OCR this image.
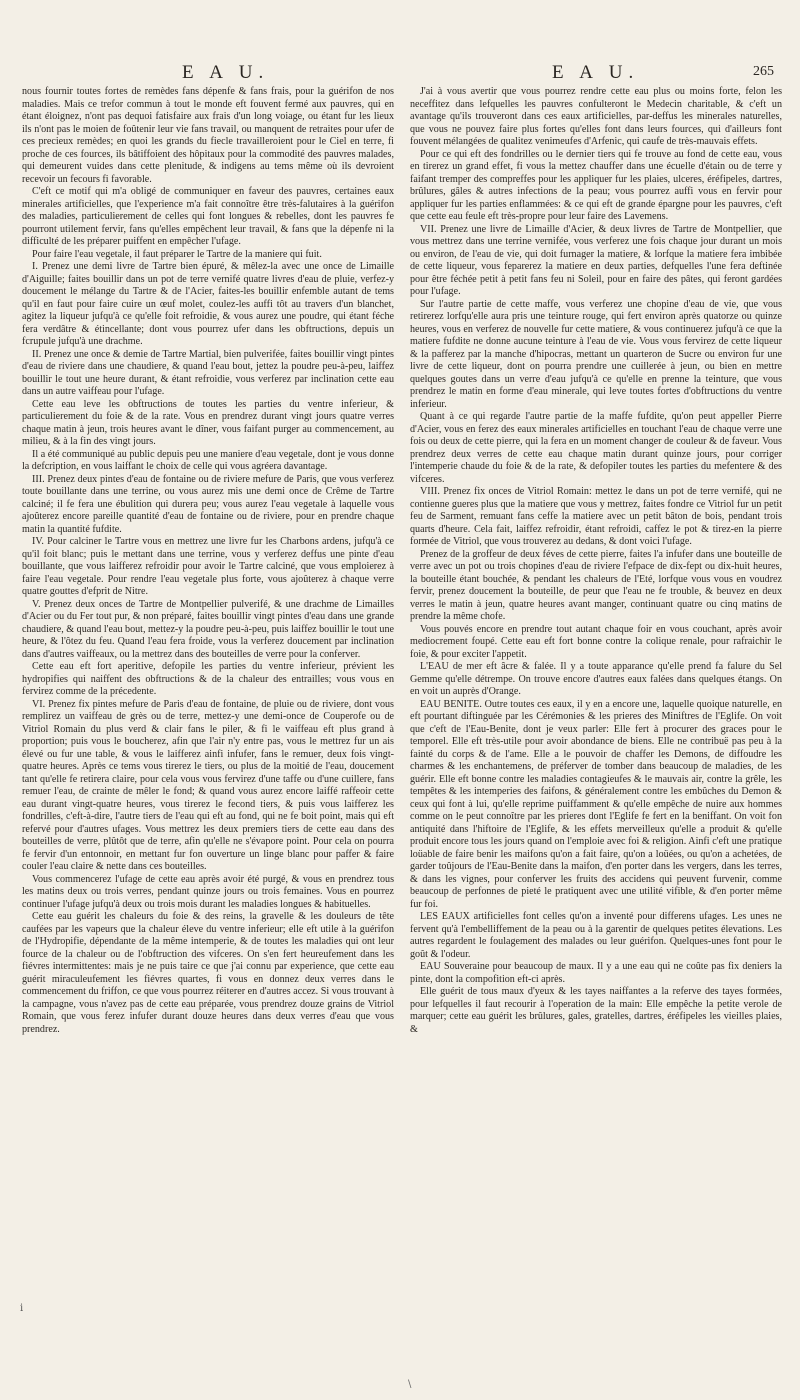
E A U.	E A U.	265

nous fournir toutes fortes de remèdes fans dépenfe & fans frais, pour la guérifon de nos maladies. Mais ce trefor commun à tout le monde eft fouvent fermé aux pauvres, qui en étant éloignez, n'ont pas dequoi fatisfaire aux frais d'un long voiage, ou étant fur les lieux ils n'ont pas le moien de foûtenir leur vie fans travail, ou manquent de retraites pour ufer de ces precieux remèdes; en quoi les grands du fiecle travailleroient pour le Ciel en terre, fi proche de ces fources, ils bâtiffoient des hôpitaux pour la commodité des pauvres malades, qui demeurent vuides dans cette plenitude, & indigens au tems même où ils devroient recevoir un fecours fi favorable.

C'eft ce motif qui m'a obligé de communiquer en faveur des pauvres, certaines eaux minerales artificielles, que l'experience m'a fait connoître être très-falutaires à la guérifon des maladies, particulierement de celles qui font longues & rebelles, dont les pauvres fe pourront utilement fervir, fans qu'elles empêchent leur travail, & fans que la dépenfe ni la difficulté de les préparer puiffent en empêcher l'ufage.

Pour faire l'eau vegetale, il faut préparer le Tartre de la maniere qui fuit.

I. Prenez une demi livre de Tartre bien épuré, & mêlez-la avec une once de Limaille d'Aiguille; faites bouillir dans un pot de terre vernifé quatre livres d'eau de pluie, verfez-y doucement le mélange du Tartre & de l'Acier, faites-les bouillir enfemble autant de tems qu'il en faut pour faire cuire un œuf molet, coulez-les auffi tôt au travers d'un blanchet, agitez la liqueur jufqu'à ce qu'elle foit refroidie, & vous aurez une poudre, qui étant féche fera verdâtre & étincellante; dont vous pourrez ufer dans les obftructions, depuis un fcrupule jufqu'à une drachme.

II. Prenez une once & demie de Tartre Martial, bien pulverifée, faites bouillir vingt pintes d'eau de riviere dans une chaudiere, & quand l'eau bout, jettez la poudre peu-à-peu, laiffez bouillir le tout une heure durant, & étant refroidie, vous verferez par inclination cette eau dans un autre vaiffeau pour l'ufage.

Cette eau leve les obftructions de toutes les parties du ventre inferieur, & particulierement du foie & de la rate. Vous en prendrez durant vingt jours quatre verres chaque matin à jeun, trois heures avant le dîner, vous faifant purger au commencement, au milieu, & à la fin des vingt jours.

Il a été communiqué au public depuis peu une maniere d'eau vegetale, dont je vous donne la defcription, en vous laiffant le choix de celle qui vous agréera davantage.

III. Prenez deux pintes d'eau de fontaine ou de riviere mefure de Paris, que vous verferez toute bouillante dans une terrine, ou vous aurez mis une demi once de Crême de Tartre calciné; il fe fera une ébulition qui durera peu; vous aurez l'eau vegetale à laquelle vous ajoûterez encore pareille quantité d'eau de fontaine ou de riviere, pour en prendre chaque matin la quantité fufdite.

IV. Pour calciner le Tartre vous en mettrez une livre fur les Charbons ardens, jufqu'à ce qu'il foit blanc; puis le mettant dans une terrine, vous y verferez deffus une pinte d'eau bouillante, que vous laifferez refroidir pour avoir le Tartre calciné, que vous emploierez à faire l'eau vegetale. Pour rendre l'eau vegetale plus forte, vous ajoûterez à chaque verre quatre gouttes d'efprit de Nitre.

V. Prenez deux onces de Tartre de Montpellier pulverifé, & une drachme de Limailles d'Acier ou du Fer tout pur, & non préparé, faites bouillir vingt pintes d'eau dans une grande chaudiere, & quand l'eau bout, mettez-y la poudre peu-à-peu, puis laiffez bouillir le tout une heure, & l'ôtez du feu. Quand l'eau fera froide, vous la verferez doucement par inclination dans d'autres vaiffeaux, ou la mettrez dans des bouteilles de verre pour la conferver.

Cette eau eft fort aperitive, defopile les parties du ventre inferieur, prévient les hydropifies qui naiffent des obftructions & de la chaleur des entrailles; vous vous en fervirez comme de la précedente.

VI. Prenez fix pintes mefure de Paris d'eau de fontaine, de pluie ou de riviere, dont vous remplirez un vaiffeau de grès ou de terre, mettez-y une demi-once de Couperofe ou de Vitriol Romain du plus verd & clair fans le piler, & fi le vaiffeau eft plus grand à proportion; puis vous le boucherez, afin que l'air n'y entre pas, vous le mettrez fur un ais élevé ou fur une table, & vous le laifferez ainfi infufer, fans le remuer, deux fois vingt-quatre heures. Après ce tems vous tirerez le tiers, ou plus de la moitié de l'eau, doucement tant qu'elle fe retirera claire, pour cela vous vous fervirez d'une taffe ou d'une cuillere, fans remuer l'eau, de crainte de mêler le fond; & quand vous aurez encore laiffé raffeoir cette eau durant vingt-quatre heures, vous tirerez le fecond tiers, & puis vous laifferez les fondrilles, c'eft-à-dire, l'autre tiers de l'eau qui eft au fond, qui ne fe boit point, mais qui eft refervé pour d'autres ufages. Vous mettrez les deux premiers tiers de cette eau dans des bouteilles de verre, plûtôt que de terre, afin qu'elle ne s'évapore point. Pour cela on pourra fe fervir d'un entonnoir, en mettant fur fon ouverture un linge blanc pour paffer & faire couler l'eau claire & nette dans ces bouteilles.

Vous commencerez l'ufage de cette eau après avoir été purgé, & vous en prendrez tous les matins deux ou trois verres, pendant quinze jours ou trois femaines. Vous en pourrez continuer l'ufage jufqu'à deux ou trois mois durant les maladies longues & habituelles.

Cette eau guérit les chaleurs du foie & des reins, la gravelle & les douleurs de tête caufées par les vapeurs que la chaleur éleve du ventre inferieur; elle eft utile à la guérifon de l'Hydropifie, dépendante de la même intemperie, & de toutes les maladies qui ont leur fource de la chaleur ou de l'obftruction des vifceres. On s'en fert heureufement dans les fiévres intermittentes: mais je ne puis taire ce que j'ai connu par experience, que cette eau guérit miraculeufement les fiévres quartes, fi vous en donnez deux verres dans le commencement du friffon, ce que vous pourrez réiterer en d'autres accez. Si vous trouvant à la campagne, vous n'avez pas de cette eau préparée, vous prendrez douze grains de Vitriol Romain, que vous ferez infufer durant douze heures dans deux verres d'eau que vous prendrez.

J'ai à vous avertir que vous pourrez rendre cette eau plus ou moins forte, felon les neceffitez dans lefquelles les pauvres confulteront le Medecin charitable, & c'eft un avantage qu'ils trouveront dans ces eaux artificielles, par-deffus les minerales naturelles, que vous ne pouvez faire plus fortes qu'elles font dans leurs fources, qui d'ailleurs font fouvent mélangées de qualitez venimeufes d'Arfenic, qui caufe de très-mauvais effets.

Pour ce qui eft des fondrilles ou le dernier tiers qui fe trouve au fond de cette eau, vous en tirerez un grand effet, fi vous la mettez chauffer dans une écuelle d'étain ou de terre y faifant tremper des compreffes pour les appliquer fur les plaies, ulceres, éréfipeles, dartres, brûlures, gâles & autres infections de la peau; vous pourrez auffi vous en fervir pour appliquer fur les parties enflammées: & ce qui eft de grande épargne pour les pauvres, c'eft que cette eau feule eft très-propre pour leur faire des Lavemens.

VII. Prenez une livre de Limaille d'Acier, & deux livres de Tartre de Montpellier, que vous mettrez dans une terrine vernifée, vous verferez une fois chaque jour durant un mois ou environ, de l'eau de vie, qui doit furnager la matiere, & lorfque la matiere fera imbibée de cette liqueur, vous feparerez la matiere en deux parties, defquelles l'une fera deftinée pour être féchée petit à petit fans feu ni Soleil, pour en faire des pâtes, qui feront gardées pour l'ufage.

Sur l'autre partie de cette maffe, vous verferez une chopine d'eau de vie, que vous retirerez lorfqu'elle aura pris une teinture rouge, qui fert environ après quatorze ou quinze heures, vous en verferez de nouvelle fur cette matiere, & vous continuerez jufqu'à ce que la matiere fufdite ne donne aucune teinture à l'eau de vie. Vous vous fervirez de cette liqueur & la pafferez par la manche d'hipocras, mettant un quarteron de Sucre ou environ fur une livre de cette liqueur, dont on pourra prendre une cuillerée à jeun, ou bien en mettre quelques goutes dans un verre d'eau jufqu'à ce qu'elle en prenne la teinture, que vous prendrez le matin en forme d'eau minerale, qui leve toutes fortes d'obftructions du ventre inferieur.

Quant à ce qui regarde l'autre partie de la maffe fufdite, qu'on peut appeller Pierre d'Acier, vous en ferez des eaux minerales artificielles en touchant l'eau de chaque verre une fois ou deux de cette pierre, qui la fera en un moment changer de couleur & de faveur. Vous prendrez deux verres de cette eau chaque matin durant quinze jours, pour corriger l'intemperie chaude du foie & de la rate, & defopiler toutes les parties du mefentere & des vifceres.

VIII. Prenez fix onces de Vitriol Romain: mettez le dans un pot de terre vernifé, qui ne contienne gueres plus que la matiere que vous y mettrez, faites fondre ce Vitriol fur un petit feu de Sarment, remuant fans ceffe la matiere avec un petit bâton de bois, pendant trois quarts d'heure. Cela fait, laiffez refroidir, étant refroidi, caffez le pot & tirez-en la pierre formée de Vitriol, que vous trouverez au dedans, & dont voici l'ufage.

Prenez de la groffeur de deux féves de cette pierre, faites l'a infufer dans une bouteille de verre avec un pot ou trois chopines d'eau de riviere l'efpace de dix-fept ou dix-huit heures, la bouteille étant bouchée, & pendant les chaleurs de l'Eté, lorfque vous vous en voudrez fervir, prenez doucement la bouteille, de peur que l'eau ne fe trouble, & beuvez en deux verres le matin à jeun, quatre heures avant manger, continuant quatre ou cinq matins de prendre la même chofe.

Vous pouvés encore en prendre tout autant chaque foir en vous couchant, après avoir mediocrement foupé. Cette eau eft fort bonne contre la colique renale, pour rafraichir le foie, & pour exciter l'appetit.

L'EAU de mer eft âcre & falée. Il y a toute apparance qu'elle prend fa falure du Sel Gemme qu'elle détrempe. On trouve encore d'autres eaux falées dans quelques étangs. On en voit un auprès d'Orange.

EAU BENITE. Outre toutes ces eaux, il y en a encore une, laquelle quoique naturelle, en eft pourtant diftinguée par les Cérémonies & les prieres des Miniftres de l'Eglife. On voit que c'eft de l'Eau-Benite, dont je veux parler: Elle fert à procurer des graces pour le temporel. Elle eft très-utile pour avoir abondance de biens. Elle ne contribuë pas peu à la fainté du corps & de l'ame. Elle a le pouvoir de chaffer les Demons, de diffoudre les charmes & les enchantemens, de préferver de tomber dans beaucoup de maladies, de les guérir. Elle eft bonne contre les maladies contagieufes & le mauvais air, contre la grêle, les tempêtes & les intemperies des faifons, & généralement contre les embûches du Demon & ceux qui font à lui, qu'elle reprime puiffamment & qu'elle empêche de nuire aux hommes comme on le peut connoître par les prieres dont l'Eglife fe fert en la beniffant. On voit fon antiquité dans l'hiftoire de l'Eglife, & les effets merveilleux qu'elle a produit & qu'elle produit encore tous les jours quand on l'emploie avec foi & religion. Ainfi c'eft une pratique loüable de faire benir les maifons qu'on a fait faire, qu'on a loüées, ou qu'on a achetées, de garder toûjours de l'Eau-Benite dans la maifon, d'en porter dans les vergers, dans les terres, & dans les vignes, pour conferver les fruits des accidens qui peuvent furvenir, comme beaucoup de perfonnes de pieté le pratiquent avec une utilité vifible, & d'en porter même fur foi.

LES EAUX artificielles font celles qu'on a inventé pour differens ufages. Les unes ne fervent qu'à l'embelliffement de la peau ou à la garentir de quelques petites élevations. Les autres regardent le foulagement des malades ou leur guérifon. Quelques-unes font pour le goût & l'odeur.

EAU Souveraine pour beaucoup de maux. Il y a une eau qui ne coûte pas fix deniers la pinte, dont la compofition eft-ci après.

Elle guérit de tous maux d'yeux & les tayes naiffantes a la referve des tayes formées, pour lefquelles il faut recourir à l'operation de la main: Elle empêche la petite verole de marquer; cette eau guérit les brûlures, gales, gratelles, dartres, éréfipeles les vieilles plaies, &

i
\
